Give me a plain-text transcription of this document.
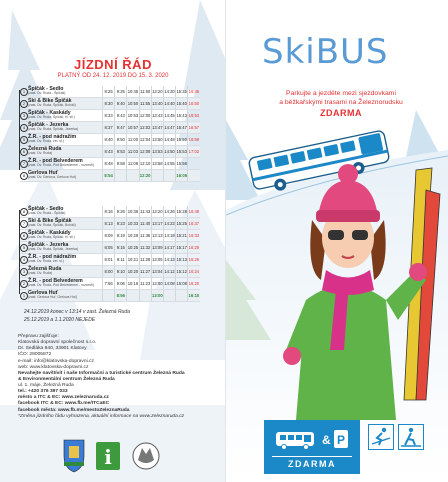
JÍZDNÍ ŘÁD
PLATNÝ OD 24. 12. 2019 DO 15. 3. 2020
1	Špičák - Sedlo
(zast. Dv. Ruda - Špičák)	8:25	9:25	10:45	11:50	13:20	14:20	15:35	16:45
2	Ski & Bike Špičák
(zast. Dv. Ruda, Špičák, Boháč)	8:30	9:40	10:50	11:55	13:40	14:40	15:40	16:50
3	Špičák - Kaskády
(zast. Dv. Ruda, Špičák, hl. sil.)	8:33	9:43	10:53	12:00	13:43	14:45	15:43	16:53
4	Špičák - Jezerka
(zast. Dv. Ruda, Špičák, Jezerka)	8:37	9:47	10:57	12:02	13:47	14:47	15:47	16:57
5	Ž.R. - pod nádražím
(zast. Dv. Ruda, žel. st.)	8:40	9:50	11:00	12:04	13:50	14:48	15:50	16:59
6	Železná Ruda
(zast. Dv. Ruda)	8:43	9:53	11:03	12:08	13:53	14:50	15:53	17:02
7	Ž.R. - pod Belvederem
(zast. Dv. Ruda, Pod Belvederem - rozcestí)	8:48	9:58	11:08	12:10	13:58	14:55	15:58	
8	Gerlova Huť
(zast. Dv. Gerlova, Gerlova Huť)	8:54			12:20			16:05	
8	Špičák - Sedlo
(zast. Dv. Ruda - Špičák)	8:16	9:26	10:36	11:43	13:20	14:26	15:28	16:48
7	Ski & Bike Špičák
(zast. Dv. Ruda, Špičák, Boháč)	8:13	9:23	10:33	11:40	13:17	14:23	15:25	16:37
6	Špičák - Kaskády
(zast. Dv. Ruda, Špičák, hl. sil.)	8:09	9:19	10:29	11:36	13:13	14:19	15:21	16:33
5	Špičák - Jezerka
(zast. Dv. Ruda, Špičák, Jezerka)	8:05	9:15	10:25	11:32	13:09	14:17	15:17	16:29
4	Ž.R. - pod nádražím
(zast. Dv. Ruda, žel. st.)	8:01	9:11	10:21	11:28	13:05	14:13	15:13	16:26
3	Železná Ruda
(zast. Dv. Ruda)	8:00	9:10	10:20	11:27	13:04	14:12	15:12	16:24
2	Ž.R. - pod Belvederem
(zast. Dv. Ruda, Pod Belvederem - rozcestí)	7:56	9:06	10:16	11:23	13:00	14:08	15:08	16:20
1	Gerlova Huť
(zast. Gerlova Huť, Gerlova Huť)		8:56			13:00			16:10
24.12.2019 konec v 13:14 v zast. Železná Ruda
25.12.2019 a 1.1.2020 NEJEDE
Přepravu zajišťuje:
Klatovská dopravní společnost s.r.o.
Dr. Sedláka 940, 33901 Klatovy
IČO: 28005872
e-mail: info@klatovska-dopravni.cz
web: www.klatovska-dopravni.cz
Nevahejte navštívit i naše Informační a turistické centrum Železná Ruda
& Environmentální centrum Železná Ruda
ul. 1. máje, Železná Ruda
tel.: +420 376 397 033
město a ITC & EC: www.zeleznaruda.cz
facebook ITC & EC: www.fb.me/ITCaEC
facebook města: www.fb.me/mestoZeleznaRuda
*Změna jízdního řádu vyhrazena, aktuální informace na www.zeleznaruda.cz
i
SkiBUS
Parkujte a jezděte mezi sjezdovkami
a běžkařskými trasami na Železnorudsku
ZDARMA
& P
ZDARMA
